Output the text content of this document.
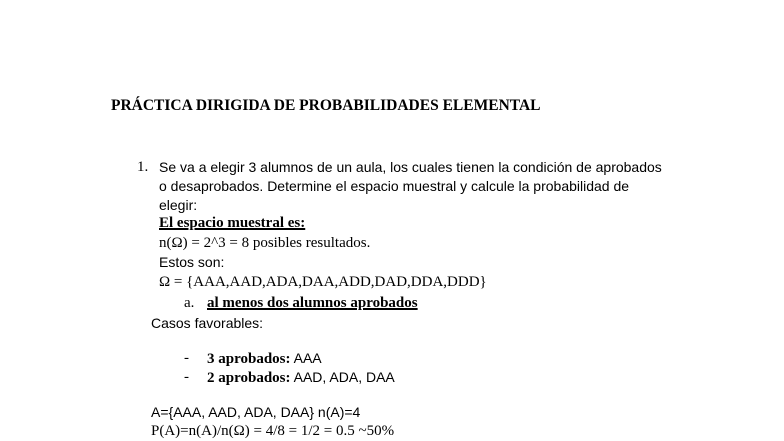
PRÁCTICA DIRIGIDA DE PROBABILIDADES ELEMENTAL
1. Se va a elegir 3 alumnos de un aula, los cuales tienen la condición de aprobados
o desaprobados. Determine el espacio muestral y calcule la probabilidad de
elegir:
El espacio muestral es:
n(Ω) = 2^3 = 8 posibles resultados.
Estos son:
Ω = {AAA,AAD,ADA,DAA,ADD,DAD,DDA,DDD}
a. al menos dos alumnos aprobados
Casos favorables:
- 3 aprobados: AAA
- 2 aprobados: AAD, ADA, DAA
A={AAA, AAD, ADA, DAA} n(A)=4
P(A)=n(A)/n(Ω) = 4/8 = 1/2 = 0.5 ~50%
